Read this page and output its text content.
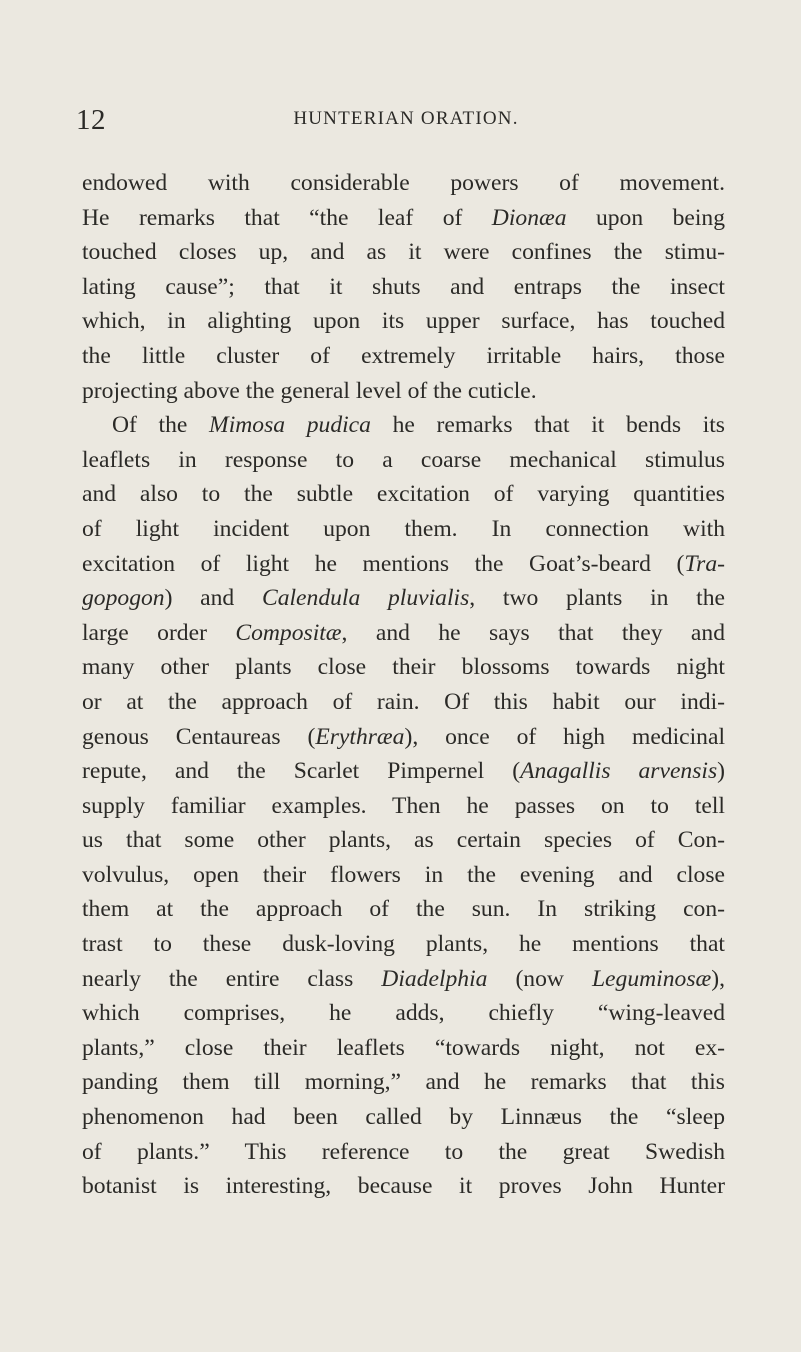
12	HUNTERIAN ORATION.
endowed with considerable powers of movement.
He remarks that “the leaf of Dionæa upon being
touched closes up, and as it were confines the stimu-
lating cause”; that it shuts and entraps the insect
which, in alighting upon its upper surface, has touched
the little cluster of extremely irritable hairs, those
projecting above the general level of the cuticle.
Of the Mimosa pudica he remarks that it bends its
leaflets in response to a coarse mechanical stimulus
and also to the subtle excitation of varying quantities
of light incident upon them. In connection with
excitation of light he mentions the Goat’s-beard (Tra-
gopogon) and Calendula pluvialis, two plants in the
large order Compositæ, and he says that they and
many other plants close their blossoms towards night
or at the approach of rain. Of this habit our indi-
genous Centaureas (Erythræa), once of high medicinal
repute, and the Scarlet Pimpernel (Anagallis arvensis)
supply familiar examples. Then he passes on to tell
us that some other plants, as certain species of Con-
volvulus, open their flowers in the evening and close
them at the approach of the sun. In striking con-
trast to these dusk-loving plants, he mentions that
nearly the entire class Diadelphia (now Leguminosæ),
which comprises, he adds, chiefly “wing-leaved
plants,” close their leaflets “towards night, not ex-
panding them till morning,” and he remarks that this
phenomenon had been called by Linnæus the “sleep
of plants.” This reference to the great Swedish
botanist is interesting, because it proves John Hunter
